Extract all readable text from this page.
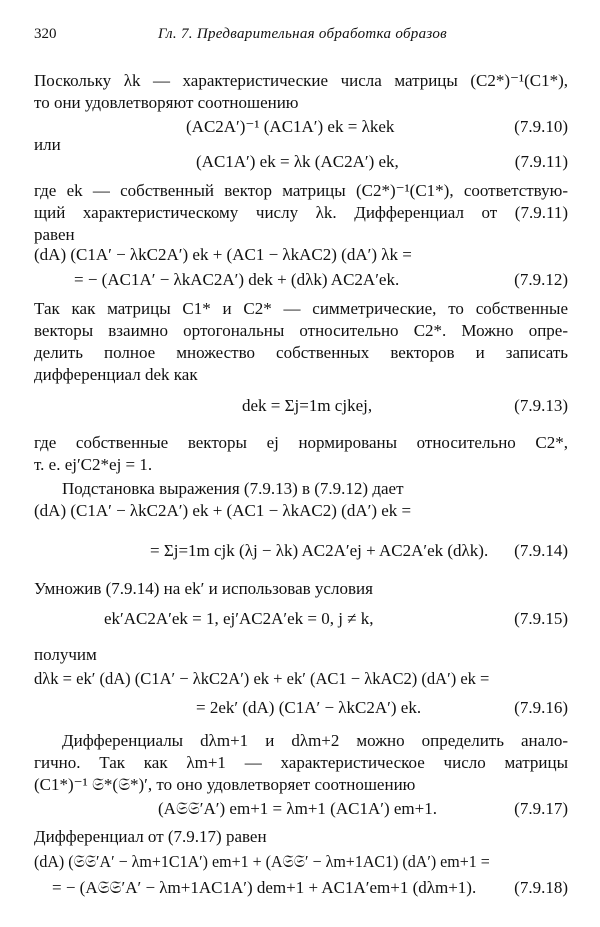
320	Гл. 7. Предварительная обработка образов
Поскольку λk — характеристические числа матрицы (C2*)⁻¹(C1*),
то они удовлетворяют соотношению
(AC2A′)⁻¹ (AC1A′) ek = λkek	(7.9.10)
или
(AC1A′) ek = λk (AC2A′) ek,	(7.9.11)
где ek — собственный вектор матрицы (C2*)⁻¹(C1*), соответствую-
щий характеристическому числу λk. Дифференциал от (7.9.11)
равен
(dA) (C1A′ − λkC2A′) ek + (AC1 − λkAC2) (dA′) λk =
= − (AC1A′ − λkAC2A′) dek + (dλk) AC2A′ek.	(7.9.12)
Так как матрицы C1* и C2* — симметрические, то собственные
векторы взаимно ортогональны относительно C2*. Можно опре-
делить полное множество собственных векторов и записать
дифференциал dek как
dek = Σj=1m cjkej,	(7.9.13)
где собственные векторы ej нормированы относительно C2*,
т. е. ej′C2*ej = 1.
Подстановка выражения (7.9.13) в (7.9.12) дает
(dA) (C1A′ − λkC2A′) ek + (AC1 − λkAC2) (dA′) ek =
= Σj=1m cjk (λj − λk) AC2A′ej + AC2A′ek (dλk). (7.9.14)
Умножив (7.9.14) на ek′ и использовав условия
ek′AC2A′ek = 1, ej′AC2A′ek = 0, j ≠ k,	(7.9.15)
получим
dλk = ek′ (dA) (C1A′ − λkC2A′) ek + ek′ (AC1 − λkAC2) (dA′) ek =
= 2ek′ (dA) (C1A′ − λkC2A′) ek.	(7.9.16)
Дифференциалы dλm+1 и dλm+2 можно определить анало-
гично. Так как λm+1 — характеристическое число матрицы
(C1*)⁻¹ 𝔖*(𝔖*)′, то оно удовлетворяет соотношению
(A𝔖𝔖′A′) em+1 = λm+1 (AC1A′) em+1.	(7.9.17)
Дифференциал от (7.9.17) равен
(dA) (𝔖𝔖′A′ − λm+1C1A′) em+1 + (A𝔖𝔖′ − λm+1AC1) (dA′) em+1 =
= − (A𝔖𝔖′A′ − λm+1AC1A′) dem+1 + AC1A′em+1 (dλm+1). (7.9.18)
